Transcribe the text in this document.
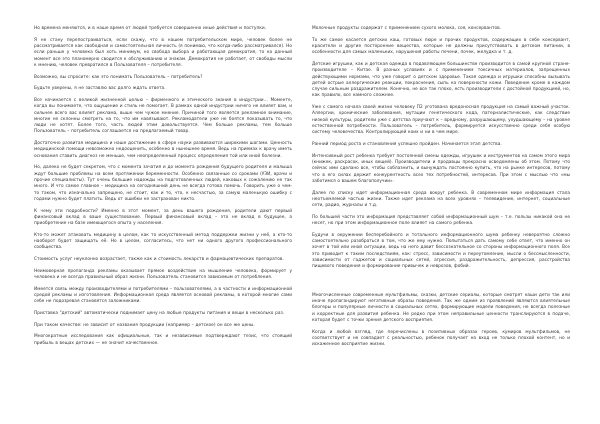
Но времена меняются, и в наше время от людей требуется совершенно иные действия и поступки.

Я не стану перепостраиваться, если скажу, что в нашем потребительском мире, человек более не рассматривается как свободная и самостоятельная личность (я понимаю, что когда-либо рассматривался). Но если раньше у человека был хоть минимум, но свобода выбора и работающая демократия, то на данный момент все это планомерно сводится к обслуживанию и знакам. Демократия не работает, от свободы мысли к мнению, человек превратился в Пользователя – потребителя.

Возможно, вы спросите: как это понимать Пользователь – потребитель?

Будьте уверены, я не заставлю вас долго ждать ответа.

Все начинается с великой жизненной целью – фирменного и этического знания в индустрии... Моменте, когда вы понимаете, что ощущение и стиль не помогает. В рамках одной индустрии ничего не влияет вам, и сильнее всего вас влияет реклама, выше чем чужое мнение. Причиной того является рекламное внимание, многие не склонны смотреть на то, что им навязывают. Рекламодатели уже не боятся показывать то, что люди не хотят. Более того, часть людей этим довольствуется. Чем больше рекламы, тем больше Пользователь – потребитель соглашается на предлагаемый товар.

Достаточно развитая медицина и наше достижение в сфере науки развиваются широкими шагами. Ценность медицинской помощи невозможно недооценить, особенно в нынешнее время. Ведь на приемах к врачу иметь основания ставить диагноз не меньше, чем неопределенный процесс определения той или иной болезни.

Но, далеко не будет секретом, что с момента зачатия и до момента рождения будущего родителя и малыша ждут большие проблемы на всем протяжении беременности. Особенно связанные со сроками (УЗИ, врачи и прочие специалисты). Тут очень большие надежды на подготовленных людей, каковых к сожалению не так много. И что самое главное – медицина на сегодняшний день не всегда готова помочь. Говорить уже о чем-то таком, что изначально запрещено, не стоит, как и то, что, к несчастью, за самую маленькую ошибку с годами нужно будет платить. Ведь от ошибки не застрахован никто.

К чему эти подробности? Именно в этот момент, за день вашего рождения, родители дают первый финансовый вклад в ваше существование. Первый финансовый вклад – это не вклад в будущее, а приобретение на базе имеющегося опыта у населения.

Кто-то может атаковать медицину в целом, как то искусственный метод поддержки жизни у неё, а кто-то наоборот будет защищать её. Но в целом, согласитесь, что нет ни одного другого профессионального сообщества.

Стоимость услуг неуклонно возрастает, также как и стоимость лекарств и фармацевтических препаратов.

Неимоверная пропаганда рекламы оказывает прямое воздействие на мышление человека, формирует у человека и не всегда правильный образ жизни. Пользователь становится зависимым от потребления.

Имеется связь между производителями и потребителями – пользователями, а в частности и информационной средой рекламы и изготовления. Информационная среда является основой рекламы, в которой многие сами себе не подозревая становятся заложниками.

Приставка "детский" автоматически поднимает цену на любые продукты питания и вещи в несколько раз.

При таком качестве: не зависит от названия продукции (например – детское) он все же цены.

Многократные исследования как официальные, так и независимые подтверждают тезис, что стоящий прибыль в вещах детских — не значит качественное.

Молочные продукты содержат с применением сухого молока, соя, консервантов.

То же самое касается детских каш, готовых пюре и прочих продуктов, содержащих в себе консервант, красители и другие посторонние вещества, которые не должны присутствовать в детском питании, в особенности для самых маленьких, нарушения работы печени, почек, желудка и т. д.

Детские игрушки, как и детская одежда в подавляющем большинстве производится в самой крупной стране-производителе – Китае. В разных условиях и с применением токсичных материалов, запрещенных действующими нормами, что уже говорит о детском здоровье. Такая одежда и игрушки способны вызывать детей острые аллергические реакции, покраснения, сыпь на поверхности кожи. Поведение кроме в каждом случае сильным раздражителем. Конечно, не все так плохо, есть производители с достойной продукцией, но, как правило, все намного сложнее.

Уже с самого начала своей жизни человеку П2 уготована вредоносная продукция на самый важный участок. Аллергии, хронические заболевания, мутации генетического кода, патерналистические, как следствие низкой культуры, родители уже с детства приучают к – вредному, разрушающему, ухудшающему – на уровне естественной потребности. Пользователь – потребитель, формируется искусственно среди себя особую систему человечества. Контролирующей коих и ни в чем мире.

Ранний период роста и становления успешно пройден. Начинается этап детства.

Интенсивный рост ребенка требует постоянной смены одежды, игрушек и инструментов на самом этого мира (книжек, раскрасок, иных вещей). Производители и продавцы прекрасно осведомлены об этом. Потому что сейчас ими сделано все, чтобы соблазнить, и вынуждать постоянно купить, что на рынке интересов, потому что в его силах держит конкурентность всех тех потребностей, интересов. При этом с мыслью что «мы заботимся о вашем благополучии».

Далее по списку идет информационная среда вокруг ребенка. В современном мире информация стала неотъемлемой частью жизни. Также идет реклама на всех уровнях – телевидение, интернет, социальные сети, радио, журналы и т.д.

По большей части это информация представляет собой информационный шум – т.е. пользы никакой она не несет, но при этом информационное поле влияет на самого ребенка.

Будучи в окружении бесперебойного и тотального информационного шума ребенку невероятно сложно самостоятельно разобраться в том, что же ему нужно. Попытаться дать самому себе ответ, что именно он хочет в той или иной ситуации, ведь на него давит бессознательное со стороны информационного поля. Все это приводит к таким последствиям, как: стресс, зависимости и переутомление, мысли о бессмысленности, зависимости от гаджетов и социальных сетей, агрессия, раздражительность, депрессия, расстройства пищевого поведения и формирование привычек и неврозов, фобий.

Многочисленные современные мультфильмы, сказки, детские сериалы, которые смотрят наши дети так или иначе пропагандируют негативные образы поведения. Так же одним из проявлений являются влиятельные блогеры и популярные личности в социальных сетях, формирующие модели поведения, не всегда полезные и корректные для развития ребенка. Не редко при этом неправильные ценности транслируются в подаче, которая будет с точки зрения детского восприятия.

Когда и любой взгляд, где перечислены в позитивных образах героев, кумиров мультфильмов, не соответствует и не совпадает с реальностью, ребенок получает на вход не только плохой контент, но и искаженное восприятие жизни.
